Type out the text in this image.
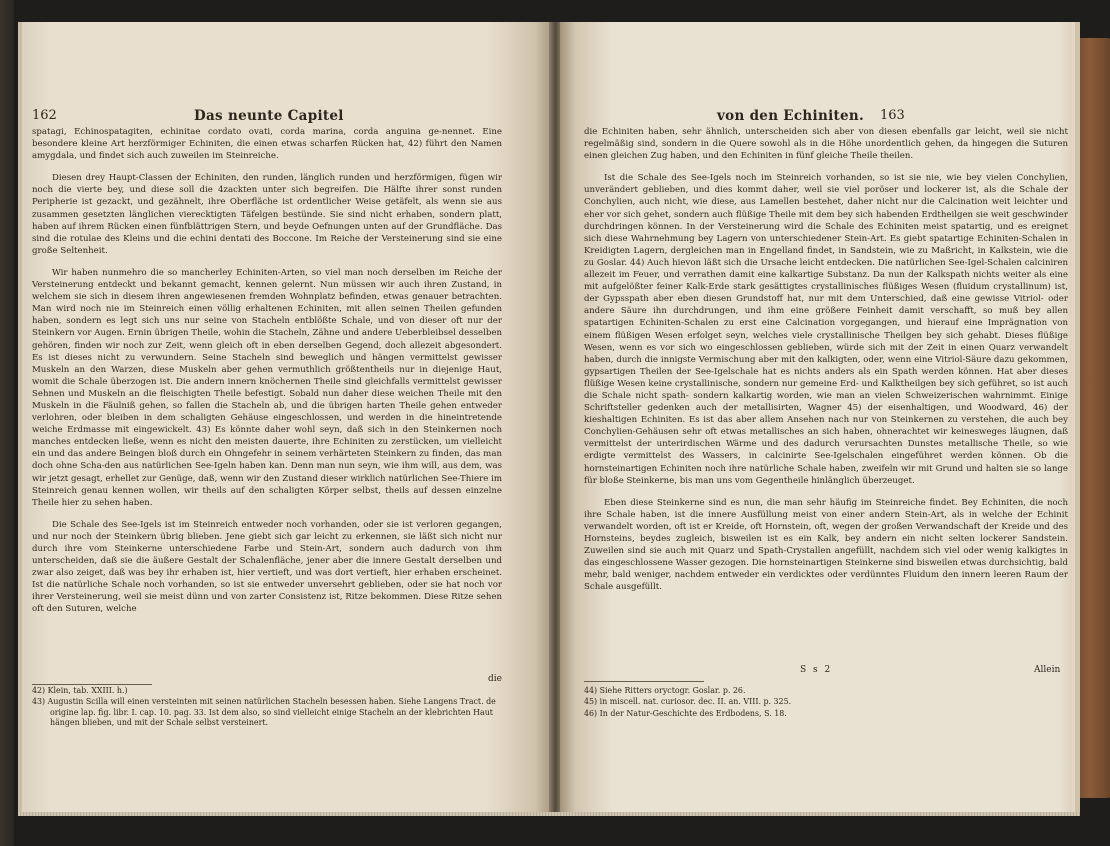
162	Das neunte Capitel

spatagi, Echinospatagiten, echinitae cordato ovati, corda marina, corda anguina ge-nennet. Eine besondere kleine Art herzförmiger Echiniten, die einen etwas scharfen Rücken hat, 42) führt den Namen amygdala, und findet sich auch zuweilen im Steinreiche.

Diesen drey Haupt-Classen der Echiniten, den runden, länglich runden und herzförmigen, fügen wir noch die vierte bey, und diese soll die 4zackten unter sich begreifen. Die Hälfte ihrer sonst runden Peripherie ist gezackt, und gezähnelt, ihre Oberfläche ist ordentlicher Weise getäfelt, als wenn sie aus zusammen gesetzten länglichen vierecktigten Täfelgen bestünde. Sie sind nicht erhaben, sondern platt, haben auf ihrem Rücken einen fünfblättrigen Stern, und beyde Oefnungen unten auf der Grundfläche. Das sind die rotulae des Kleins und die echini dentati des Boccone. Im Reiche der Versteinerung sind sie eine große Seltenheit.

Wir haben nunmehro die so mancherley Echiniten-Arten, so viel man noch derselben im Reiche der Versteinerung entdeckt und bekannt gemacht, kennen gelernt. Nun müssen wir auch ihren Zustand, in welchem sie sich in diesem ihren angewiesenen fremden Wohnplatz befinden, etwas genauer betrachten. Man wird noch nie im Steinreich einen völlig erhaltenen Echiniten, mit allen seinen Theilen gefunden haben, sondern es legt sich uns nur seine von Stacheln entblößte Schale, und von dieser oft nur der Steinkern vor Augen. Ernin übrigen Theile, wohin die Stacheln, Zähne und andere Ueberbleibsel desselben gehören, finden wir noch zur Zeit, wenn gleich oft in eben derselben Gegend, doch allezeit abgesondert. Es ist dieses nicht zu verwundern. Seine Stacheln sind beweglich und hängen vermittelst gewisser Muskeln an den Warzen, diese Muskeln aber gehen vermuthlich größtentheils nur in diejenige Haut, womit die Schale überzogen ist. Die andern innern knöchernen Theile sind gleichfalls vermittelst gewisser Sehnen und Muskeln an die fleischigten Theile befestigt. Sobald nun daher diese weichen Theile mit den Muskeln in die Fäulniß gehen, so fallen die Stacheln ab, und die übrigen harten Theile gehen entweder verlohren, oder bleiben in dem schaligten Gehäuse eingeschlossen, und werden in die hineintretende weiche Erdmasse mit eingewickelt. 43) Es könnte daher wohl seyn, daß sich in den Steinkernen noch manches entdecken ließe, wenn es nicht den meisten dauerte, ihre Echiniten zu zerstücken, um vielleicht ein und das andere Beingen bloß durch ein Ohngefehr in seinem verhärteten Steinkern zu finden, das man doch ohne Scha-den aus natürlichen See-Igeln haben kan. Denn man nun seyn, wie ihm will, aus dem, was wir jetzt gesagt, erhellet zur Genüge, daß, wenn wir den Zustand dieser wirklich natürlichen See-Thiere im Steinreich genau kennen wollen, wir theils auf den schaligten Körper selbst, theils auf dessen einzelne Theile hier zu sehen haben.

Die Schale des See-Igels ist im Steinreich entweder noch vorhanden, oder sie ist verloren gegangen, und nur noch der Steinkern übrig blieben. Jene giebt sich gar leicht zu erkennen, sie läßt sich nicht nur durch ihre vom Steinkerne unterschiedene Farbe und Stein-Art, sondern auch dadurch von ihm unterscheiden, daß sie die äußere Gestalt der Schalenfläche, jener aber die innere Gestalt derselben und zwar also zeiget, daß was bey ihr erhaben ist, hier vertieft, und was dort vertieft, hier erhaben erscheinet. Ist die natürliche Schale noch vorhanden, so ist sie entweder unversehrt geblieben, oder sie hat noch vor ihrer Versteinerung, weil sie meist dünn und von zarter Consistenz ist, Ritze bekommen. Diese Ritze sehen oft den Suturen, welche

die
42) Klein, tab. XXIII. h.)
43) Augustin Scilla will einen versteinten mit seinen natürlichen Stacheln besessen haben. Siehe Langens Tract. de origine lap. fig. libr. I. cap. 10. pag. 33. Ist dem also, so sind vielleicht einige Stacheln an der klebrichten Haut hängen blieben, und mit der Schale selbst versteinert.
von den Echiniten. 163

die Echiniten haben, sehr ähnlich, unterscheiden sich aber von diesen ebenfalls gar leicht, weil sie nicht regelmäßig sind, sondern in die Quere sowohl als in die Höhe unordentlich gehen, da hingegen die Suturen einen gleichen Zug haben, und den Echiniten in fünf gleiche Theile theilen.

Ist die Schale des See-Igels noch im Steinreich vorhanden, so ist sie nie, wie bey vielen Conchylien, unverändert geblieben, und dies kommt daher, weil sie viel poröser und lockerer ist, als die Schale der Conchylien, auch nicht, wie diese, aus Lamellen bestehet, daher nicht nur die Calcination weit leichter und eher vor sich gehet, sondern auch flüßige Theile mit dem bey sich habenden Erdtheilgen sie weit geschwinder durchdringen können. In der Versteinerung wird die Schale des Echiniten meist spatartig, und es ereignet sich diese Wahrnehmung bey Lagern von unterschiedener Stein-Art. Es giebt spatartige Echiniten-Schalen in Kreidigten Lagern, dergleichen man in Engelland findet, in Sandstein, wie zu Maßricht, in Kalkstein, wie die zu Goslar. 44) Auch hievon läßt sich die Ursache leicht entdecken. Die natürlichen See-Igel-Schalen calciniren allezeit im Feuer, und verrathen damit eine kalkartige Substanz. Da nun der Kalkspath nichts weiter als eine mit aufgelößter feiner Kalk-Erde stark gesättigtes crystallinisches flüßiges Wesen (fluidum crystallinum) ist, der Gypsspath aber eben diesen Grundstoff hat, nur mit dem Unterschied, daß eine gewisse Vitriol- oder andere Säure ihn durchdrungen, und ihm eine größere Feinheit damit verschafft, so muß bey allen spatartigen Echiniten-Schalen zu erst eine Calcination vorgegangen, und hierauf eine Imprägnation von einem flüßigen Wesen erfolget seyn, welches viele crystallinische Theilgen bey sich gehabt. Dieses flüßige Wesen, wenn es vor sich wo eingeschlossen geblieben, würde sich mit der Zeit in einen Quarz verwandelt haben, durch die innigste Vermischung aber mit den kalkigten, oder, wenn eine Vitriol-Säure dazu gekommen, gypsartigen Theilen der See-Igelschale hat es nichts anders als ein Spath werden können. Hat aber dieses flüßige Wesen keine crystallinische, sondern nur gemeine Erd- und Kalktheilgen bey sich geführet, so ist auch die Schale nicht spath- sondern kalkartig worden, wie man an vielen Schweizerischen wahrnimmt. Einige Schriftsteller gedenken auch der metallisirten, Wagner 45) der eisenhaltigen, und Woodward, 46) der kieshaltigen Echiniten. Es ist das aber allem Ansehen nach nur von Steinkernen zu verstehen, die auch bey Conchylien-Gehäusen sehr oft etwas metallisches an sich haben, ohnerachtet wir keinesweges läugnen, daß vermittelst der unterirdischen Wärme und des dadurch verursachten Dunstes metallische Theile, so wie erdigte vermittelst des Wassers, in calcinirte See-Igelschalen eingeführet werden können. Ob die hornsteinartigen Echiniten noch ihre natürliche Schale haben, zweifeln wir mit Grund und halten sie so lange für bloße Steinkerne, bis man uns vom Gegentheile hinlänglich überzeuget.

Eben diese Steinkerne sind es nun, die man sehr häufig im Steinreiche findet. Bey Echiniten, die noch ihre Schale haben, ist die innere Ausfüllung meist von einer andern Stein-Art, als in welche der Echinit verwandelt worden, oft ist er Kreide, oft Hornstein, oft, wegen der großen Verwandschaft der Kreide und des Hornsteins, beydes zugleich, bisweilen ist es ein Kalk, bey andern ein nicht selten lockerer Sandstein. Zuweilen sind sie auch mit Quarz und Spath-Crystallen angefüllt, nachdem sich viel oder wenig kalkigtes in das eingeschlossene Wasser gezogen. Die hornsteinartigen Steinkerne sind bisweilen etwas durchsichtig, bald mehr, bald weniger, nachdem entweder ein verdicktes oder verdünntes Fluidum den innern leeren Raum der Schale ausgefüllt.

S s 2	Allein
44) Siehe Ritters oryctogr. Goslar. p. 26.
45) in miscell. nat. curiosor. dec. II. an. VIII. p. 325.
46) In der Natur-Geschichte des Erdbodens, S. 18.
